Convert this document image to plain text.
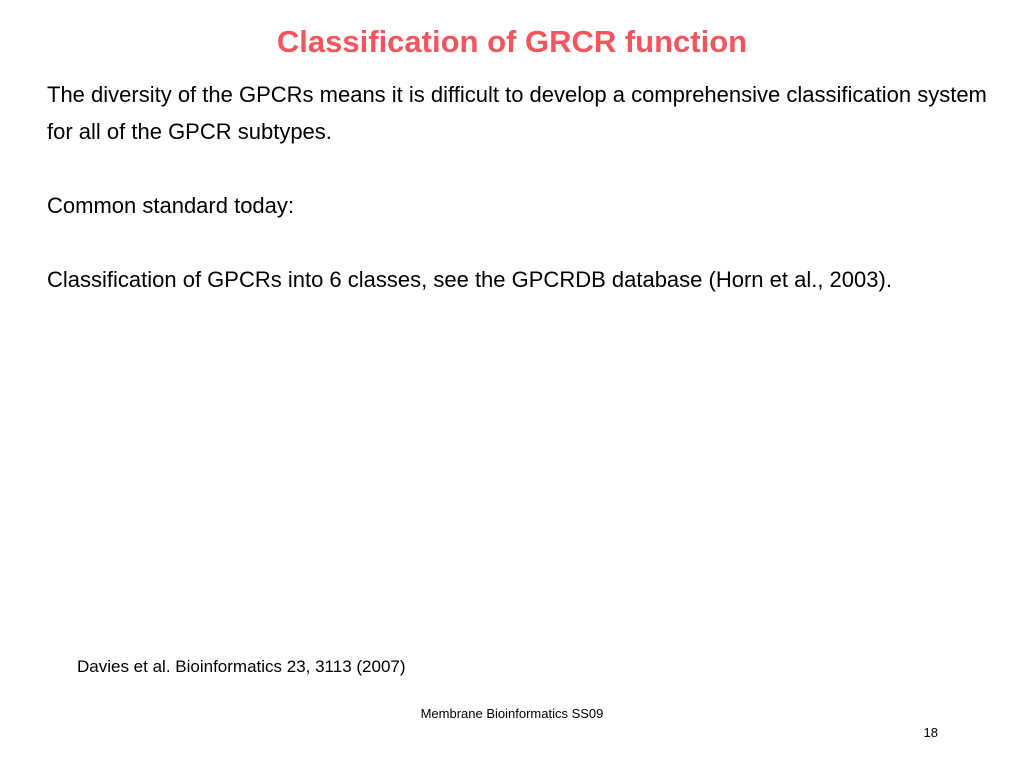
Classification of GRCR function

The diversity of the GPCRs means it is difficult to develop a comprehensive classification system for all of the GPCR subtypes.

Common standard today:

Classification of GPCRs into 6 classes, see the GPCRDB database (Horn et al., 2003).

Davies et al. Bioinformatics 23, 3113 (2007)
Membrane Bioinformatics SS09
18
